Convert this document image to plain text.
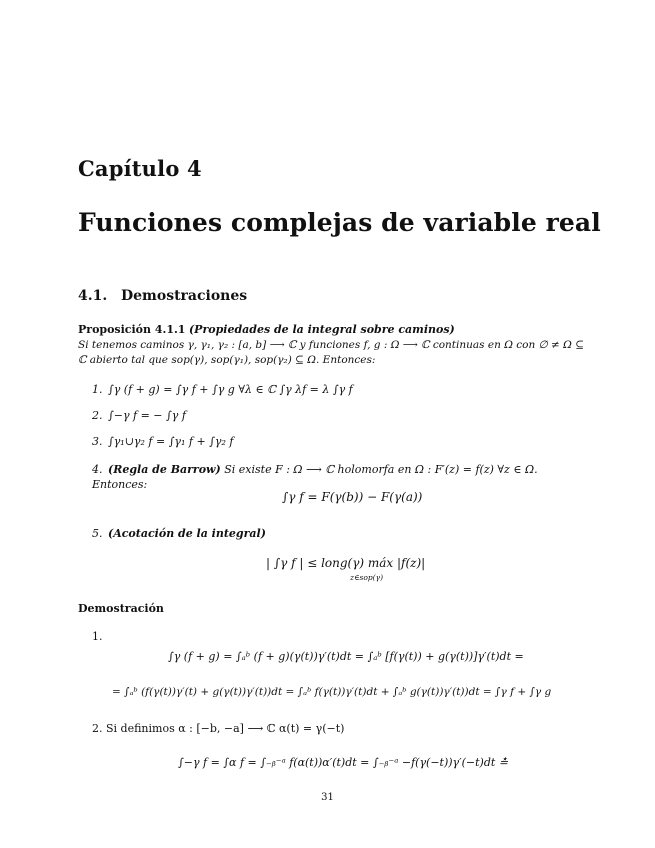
Capítulo 4
Funciones complejas de variable real
4.1. Demostraciones
Proposición 4.1.1 (Propiedades de la integral sobre caminos)
Si tenemos caminos γ, γ₁, γ₂ : [a, b] ⟶ ℂ y funciones f, g : Ω ⟶ ℂ continuas en Ω con ∅ ≠ Ω ⊆ ℂ abierto tal que sop(γ), sop(γ₁), sop(γ₂) ⊆ Ω. Entonces:
1. ∫γ (f + g) = ∫γ f + ∫γ g ∀λ ∈ ℂ ∫γ λf = λ ∫γ f
2. ∫−γ f = − ∫γ f
3. ∫γ₁∪γ₂ f = ∫γ₁ f + ∫γ₂ f
4. (Regla de Barrow) Si existe F : Ω ⟶ ℂ holomorfa en Ω : F′(z) = f(z) ∀z ∈ Ω. Entonces:
∫γ f = F(γ(b)) − F(γ(a))
5. (Acotación de la integral)
| ∫γ f | ≤ long(γ) máx |f(z)|
z∈sop(γ)
Demostración
1.
∫γ (f + g) = ∫ₐᵇ (f + g)(γ(t))γ′(t)dt = ∫ₐᵇ [f(γ(t)) + g(γ(t))]γ′(t)dt =
= ∫ₐᵇ (f(γ(t))γ′(t) + g(γ(t))γ′(t))dt = ∫ₐᵇ f(γ(t))γ′(t)dt + ∫ₐᵇ g(γ(t))γ′(t))dt = ∫γ f + ∫γ g
2. Si definimos α : [−b, −a] ⟶ ℂ α(t) = γ(−t)
∫−γ f = ∫α f = ∫₋ᵦ⁻ᵃ f(α(t))α′(t)dt = ∫₋ᵦ⁻ᵃ −f(γ(−t))γ′(−t)dt ≛
31
